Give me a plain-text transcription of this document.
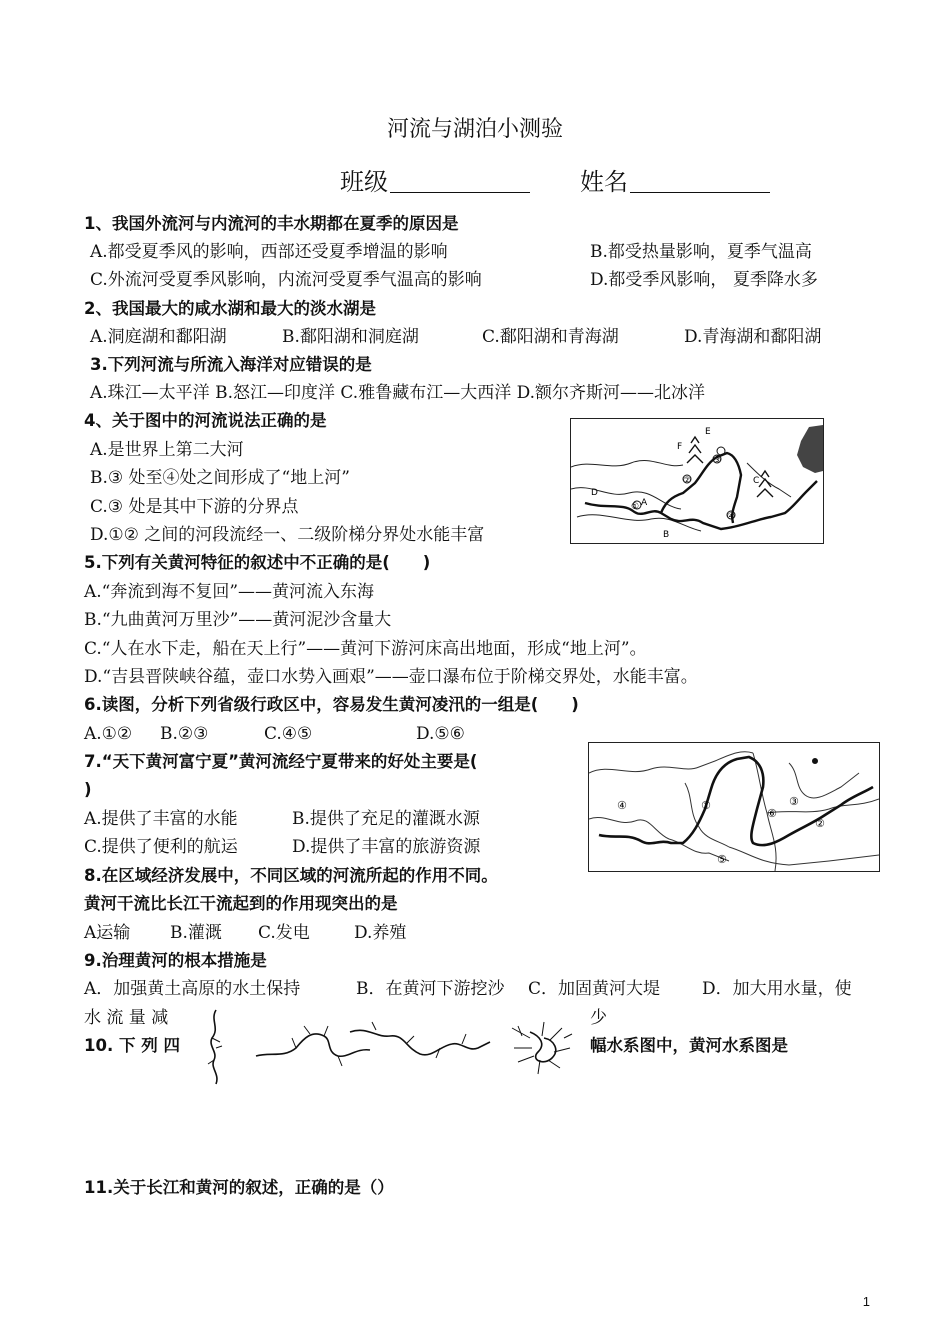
河流与湖泊小测验
班级	姓名
1、我国外流河与内流河的丰水期都在夏季的原因是
A.都受夏季风的影响，西部还受夏季增温的影响	B.都受热量影响，夏季气温高
C.外流河受夏季风影响，内流河受夏季气温高的影响	D.都受季风影响， 夏季降水多
2、我国最大的咸水湖和最大的淡水湖是
A.洞庭湖和鄱阳湖	B.鄱阳湖和洞庭湖	C.鄱阳湖和青海湖	D.青海湖和鄱阳湖
3.下列河流与所流入海洋对应错误的是
A.珠江—太平洋 B.怒江—印度洋 C.雅鲁藏布江—大西洋 D.额尔齐斯河——北冰洋
4、关于图中的河流说法正确的是
A.是世界上第二大河
B.③ 处至④处之间形成了“地上河”
C.③ 处是其中下游的分界点
D.①② 之间的河段流经一、二级阶梯分界处水能丰富
E
F
①
②
③
④
A
B
C
D
5.下列有关黄河特征的叙述中不正确的是(　　)
A.“奔流到海不复回”——黄河流入东海
B.“九曲黄河万里沙”——黄河泥沙含量大
C.“人在水下走，船在天上行”——黄河下游河床高出地面，形成“地上河”。
D.“吉县晋陕峡谷蕴，壶口水势入画艰”——壶口瀑布位于阶梯交界处，水能丰富。
6.读图，分析下列省级行政区中，容易发生黄河凌汛的一组是(　　)
A.①② B.②③	C.④⑤	D.⑤⑥
①
②
③
④
⑤
⑥
7.“天下黄河富宁夏”黄河流经宁夏带来的好处主要是(
)
A.提供了丰富的水能	B.提供了充足的灌溉水源
C.提供了便利的航运	D.提供了丰富的旅游资源
8.在区域经济发展中，不同区域的河流所起的作用不同。
黄河干流比长江干流起到的作用现突出的是
A运输 B.灌溉 C.发电	D.养殖
9.治理黄河的根本措施是
A．加强黄土高原的水土保持	B．在黄河下游挖沙 C．加固黄河大堤 D．加大用水量，使
水 流 量 减	少
10. 下 列 四	幅水系图中，黄河水系图是
11.关于长江和黄河的叙述，正确的是（）
1
